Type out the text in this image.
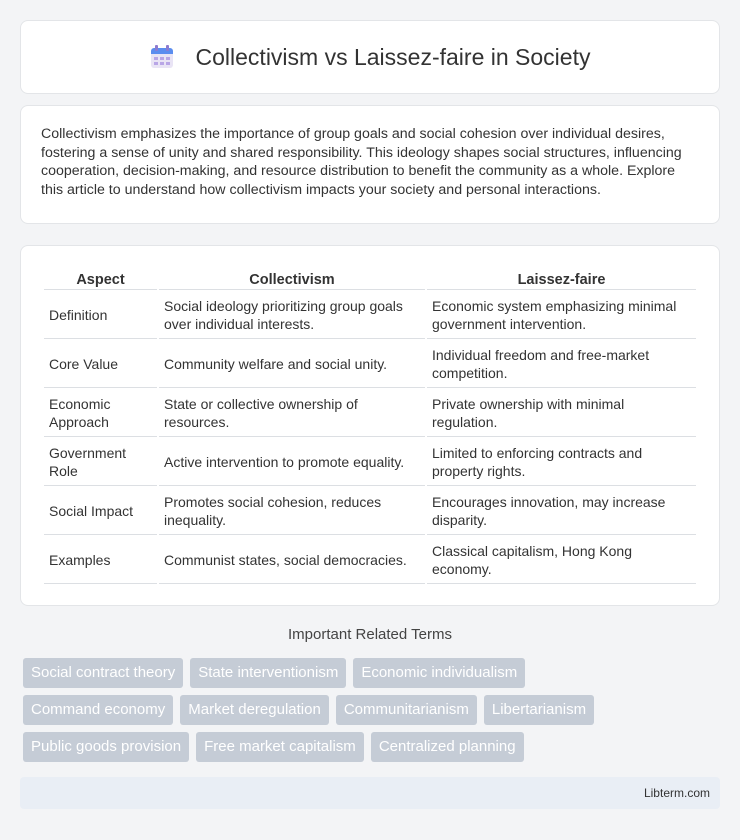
Collectivism vs Laissez-faire in Society

Collectivism emphasizes the importance of group goals and social cohesion over individual desires, fostering a sense of unity and shared responsibility. This ideology shapes social structures, influencing cooperation, decision-making, and resource distribution to benefit the community as a whole. Explore this article to understand how collectivism impacts your society and personal interactions.

Aspect	Collectivism	Laissez-faire
Definition	Social ideology prioritizing group goals over individual interests.	Economic system emphasizing minimal government intervention.
Core Value	Community welfare and social unity.	Individual freedom and free-market competition.
Economic Approach	State or collective ownership of resources.	Private ownership with minimal regulation.
Government Role	Active intervention to promote equality.	Limited to enforcing contracts and property rights.
Social Impact	Promotes social cohesion, reduces inequality.	Encourages innovation, may increase disparity.
Examples	Communist states, social democracies.	Classical capitalism, Hong Kong economy.
Important Related Terms
Social contract theory	State interventionism	Economic individualism
Command economy	Market deregulation	Communitarianism	Libertarianism
Public goods provision	Free market capitalism	Centralized planning
Libterm.com
